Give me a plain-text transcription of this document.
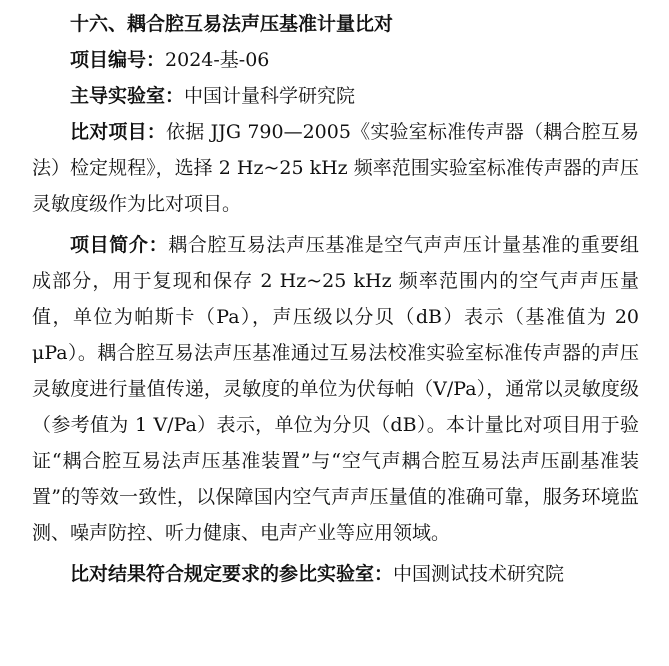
十六、耦合腔互易法声压基准计量比对

项目编号：2024-基-06

主导实验室：中国计量科学研究院

比对项目：依据 JJG 790—2005《实验室标准传声器（耦合腔互易法）检定规程》，选择 2 Hz~25 kHz 频率范围实验室标准传声器的声压灵敏度级作为比对项目。

项目简介：耦合腔互易法声压基准是空气声声压计量基准的重要组成部分，用于复现和保存 2 Hz~25 kHz 频率范围内的空气声声压量值，单位为帕斯卡（Pa），声压级以分贝（dB）表示（基准值为 20 μPa）。耦合腔互易法声压基准通过互易法校准实验室标准传声器的声压灵敏度进行量值传递，灵敏度的单位为伏每帕（V/Pa），通常以灵敏度级（参考值为 1 V/Pa）表示，单位为分贝（dB）。本计量比对项目用于验证“耦合腔互易法声压基准装置”与“空气声耦合腔互易法声压副基准装置”的等效一致性，以保障国内空气声声压量值的准确可靠，服务环境监测、噪声防控、听力健康、电声产业等应用领域。

比对结果符合规定要求的参比实验室：中国测试技术研究院
